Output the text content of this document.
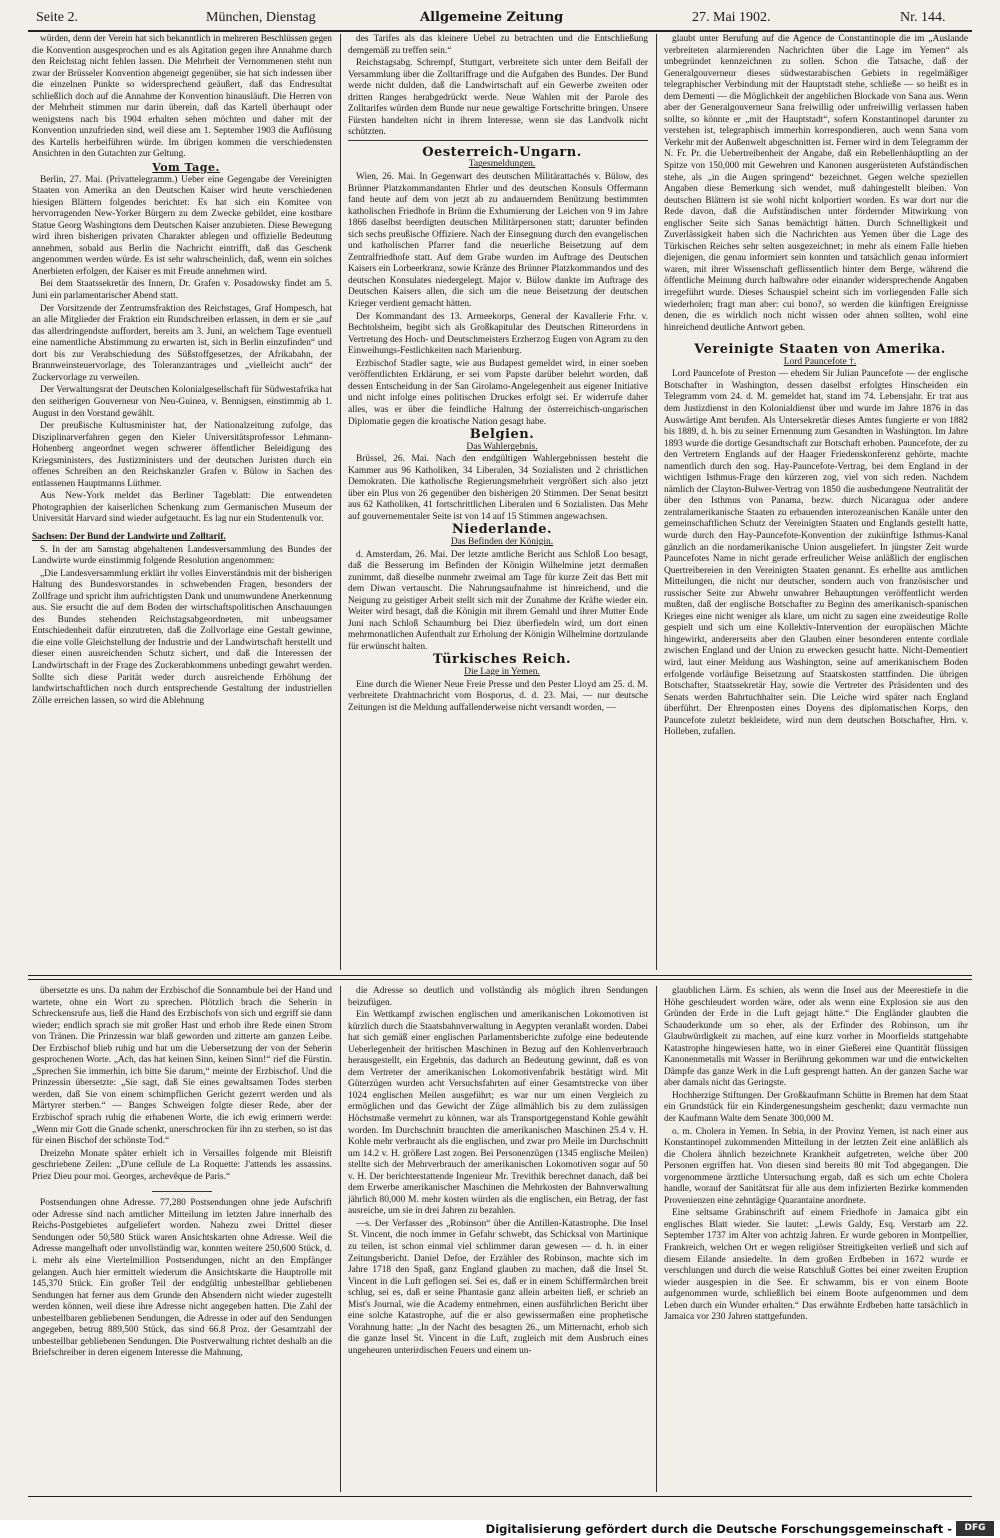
Seite 2.	München, Dienstag	Allgemeine Zeitung	27. Mai 1902.	Nr. 144.

würden, denn der Verein hat sich bekanntlich in mehreren Beschlüssen gegen die Konvention ausgesprochen und es als Agitation gegen ihre Annahme durch den Reichstag nicht fehlen lassen. Die Mehrheit der Vernommenen steht nun zwar der Brüsseler Konvention abgeneigt gegenüber, sie hat sich indessen über die einzelnen Punkte so widersprechend geäußert, daß das Endresultat schließlich doch auf die Annahme der Konvention hinausläuft. Die Herren von der Mehrheit stimmen nur darin überein, daß das Kartell überhaupt oder wenigstens nach bis 1904 erhalten sehen möchten und daher mit der Konvention unzufrieden sind, weil diese am 1. September 1903 die Auflösung des Kartells herbeiführen würde. Im übrigen kommen die verschiedensten Ansichten in den Gutachten zur Geltung.

Vom Tage.

Berlin, 27. Mai. (Privattelegramm.) Ueber eine Gegengabe der Vereinigten Staaten von Amerika an den Deutschen Kaiser wird heute verschiedenen hiesigen Blättern folgendes berichtet: Es hat sich ein Komitee von hervorragenden New-Yorker Bürgern zu dem Zwecke gebildet, eine kostbare Statue Georg Washingtons dem Deutschen Kaiser anzubieten. Diese Bewegung wird ihren bisherigen privaten Charakter ablegen und offizielle Bedeutung annehmen, sobald aus Berlin die Nachricht eintrifft, daß das Geschenk angenommen werden würde. Es ist sehr wahrscheinlich, daß, wenn ein solches Anerbieten erfolgen, der Kaiser es mit Freude annehmen wird.

Bei dem Staatssekretär des Innern, Dr. Grafen v. Posadowsky findet am 5. Juni ein parlamentarischer Abend statt.

Der Vorsitzende der Zentrumsfraktion des Reichstages, Graf Hompesch, hat an alle Mitglieder der Fraktion ein Rundschreiben erlassen, in dem er sie „auf das allerdringendste auffordert, bereits am 3. Juni, an welchem Tage eventuell eine namentliche Abstimmung zu erwarten ist, sich in Berlin einzufinden“ und dort bis zur Verabschiedung des Süßstoffgesetzes, der Afrikabahn, der Brannweinsteuervorlage, des Toleranzantrages und „vielleicht auch“ der Zuckervorlage zu verweilen.

Der Verwaltungsrat der Deutschen Kolonialgesellschaft für Südwestafrika hat den seitherigen Gouverneur von Neu-Guinea, v. Bennigsen, einstimmig ab 1. August in den Vorstand gewählt.

Der preußische Kultusminister hat, der Nationalzeitung zufolge, das Disziplinarverfahren gegen den Kieler Universitätsprofessor Lehmann-Hohenberg angeordnet wegen schwerer öffentlicher Beleidigung des Kriegsministers, des Justizministers und der deutschen Juristen durch ein offenes Schreiben an den Reichskanzler Grafen v. Bülow in Sachen des entlassenen Hauptmanns Lüthmer.

Aus New-York meldet das Berliner Tageblatt: Die entwendeten Photographien der kaiserlichen Schenkung zum Germanischen Museum der Universität Harvard sind wieder aufgetaucht. Es lag nur ein Studentenulk vor.

Sachsen: Der Bund der Landwirte und Zolltarif.

S. In der am Samstag abgehaltenen Landesversammlung des Bundes der Landwirte wurde einstimmig folgende Resolution angenommen:

„Die Landesversammlung erklärt ihr volles Einverständnis mit der bisherigen Haltung des Bundesvorstandes in schwebenden Fragen, besonders der Zollfrage und spricht ihm aufrichtigsten Dank und unumwundene Anerkennung aus. Sie ersucht die auf dem Boden der wirtschaftspolitischen Anschauungen des Bundes stehenden Reichstagsabgeordneten, mit unbeugsamer Entschiedenheit dafür einzutreten, daß die Zollvorlage eine Gestalt gewinne, die eine volle Gleichstellung der Industrie und der Landwirtschaft herstellt und dieser einen ausreichenden Schutz sichert, und daß die Interessen der Landwirtschaft in der Frage des Zuckerabkommens unbedingt gewahrt werden. Sollte sich diese Parität weder durch ausreichende Erhöhung der landwirtschaftlichen noch durch entsprechende Gestaltung der industriellen Zölle erreichen lassen, so wird die Ablehnung

des Tarifes als das kleinere Uebel zu betrachten und die Entschließung demgemäß zu treffen sein.“

Reichstagsabg. Schrempf, Stuttgart, verbreitete sich unter dem Beifall der Versammlung über die Zolltariffrage und die Aufgaben des Bundes. Der Bund werde nicht dulden, daß die Landwirtschaft auf ein Gewerbe zweiten oder dritten Ranges herabgedrückt werde. Neue Wahlen mit der Parole des Zolltarifes würden dem Bunde nur neue gewaltige Fortschritte bringen. Unsere Fürsten handelten nicht in ihrem Interesse, wenn sie das Landvolk nicht schützten.

Oesterreich-Ungarn.

Tagesmeldungen.

Wien, 26. Mai. In Gegenwart des deutschen Militärattachés v. Bülow, des Brünner Platzkommandanten Ehrler und des deutschen Konsuls Offermann fand heute auf dem von jetzt ab zu andauerndem Benützung bestimmten katholischen Friedhofe in Brünn die Exhumierung der Leichen von 9 im Jahre 1866 daselbst beerdigten deutschen Militärpersonen statt; darunter befinden sich sechs preußische Offiziere. Nach der Einsegnung durch den evangelischen und katholischen Pfarrer fand die neuerliche Beisetzung auf dem Zentralfriedhofe statt. Auf dem Grabe wurden im Auftrage des Deutschen Kaisers ein Lorbeerkranz, sowie Kränze des Brünner Platzkommandos und des deutschen Konsulates niedergelegt. Major v. Bülow dankte im Auftrage des Deutschen Kaisers allen, die sich um die neue Beisetzung der deutschen Krieger verdient gemacht hätten.

Der Kommandant des 13. Armeekorps, General der Kavallerie Frhr. v. Bechtolsheim, begibt sich als Großkapitular des Deutschen Ritterordens in Vertretung des Hoch- und Deutschmeisters Erzherzog Eugen von Agram zu den Einweihungs-Festlichkeiten nach Marienburg.

Erzbischof Stadler sagte, wie aus Budapest gemeldet wird, in einer soeben veröffentlichten Erklärung, er sei vom Papste darüber belehrt worden, daß dessen Entscheidung in der San Girolamo-Angelegenheit aus eigener Initiative und nicht infolge eines politischen Druckes erfolgt sei. Er widerrufe daher alles, was er über die feindliche Haltung der österreichisch-ungarischen Diplomatie gegen die kroatische Nation gesagt habe.

Belgien.

Das Wahlergebnis.

Brüssel, 26. Mai. Nach den endgültigen Wahlergebnissen besteht die Kammer aus 96 Katholiken, 34 Liberalen, 34 Sozialisten und 2 christlichen Demokraten. Die katholische Regierungsmehrheit vergrößert sich also jetzt über ein Plus von 26 gegenüber den bisherigen 20 Stimmen. Der Senat besitzt aus 62 Katholiken, 41 fortschrittlichen Liberalen und 6 Sozialisten. Das Mehr auf gouvernementaler Seite ist von 14 auf 15 Stimmen angewachsen.

Niederlande.

Das Befinden der Königin.

d. Amsterdam, 26. Mai. Der letzte amtliche Bericht aus Schloß Loo besagt, daß die Besserung im Befinden der Königin Wilhelmine jetzt dermaßen zunimmt, daß dieselbe nunmehr zweimal am Tage für kurze Zeit das Bett mit dem Diwan vertauscht. Die Nahrungsaufnahme ist hinreichend, und die Neigung zu geistiger Arbeit stellt sich mit der Zunahme der Kräfte wieder ein. Weiter wird besagt, daß die Königin mit ihrem Gemahl und ihrer Mutter Ende Juni nach Schloß Schaumburg bei Diez überfiedeln wird, um dort einen mehrmonatlichen Aufenthalt zur Erholung der Königin Wilhelmine dortzulande für erwünscht halten.

Türkisches Reich.

Die Lage in Yemen.

Eine durch die Wiener Neue Freie Presse und den Pester Lloyd am 25. d. M. verbreitete Drahtnachricht vom Bosporus, d. d. 23. Mai, — nur deutsche Zeitungen ist die Meldung auffallenderweise nicht versandt worden, —

glaubt unter Berufung auf die Agence de Constantinople die im „Auslande verbreiteten alarmierenden Nachrichten über die Lage im Yemen“ als unbegründet kennzeichnen zu sollen. Schon die Tatsache, daß der Generalgouverneur dieses südwestarabischen Gebiets in regelmäßiger telegraphischer Verbindung mit der Hauptstadt stehe, schließe — so heißt es in dem Dementi — die Möglichkeit der angeblichen Blockade von Sana aus. Wenn aber der Generalgouverneur Sana freiwillig oder unfreiwillig verlassen haben sollte, so könnte er „mit der Hauptstadt“, sofern Konstantinopel darunter zu verstehen ist, telegraphisch immerhin korrespondieren, auch wenn Sana vom Verkehr mit der Außenwelt abgeschnitten ist. Ferner wird in dem Telegramm der N. Fr. Pr. die Uebertreibenheit der Angabe, daß ein Rebellenhäuptling an der Spitze von 150,000 mit Gewehren und Kanonen ausgerüsteten Aufständischen stehe, als „in die Augen springend“ bezeichnet. Gegen welche speziellen Angaben diese Bemerkung sich wendet, muß dahingestellt bleiben. Von deutschen Blättern ist sie wohl nicht kolportiert worden. Es war dort nur die Rede davon, daß die Aufständischen unter fördernder Mitwirkung von englischer Seite sich Sanas bemächtigt hätten. Durch Schnelligkeit und Zuverlässigkeit haben sich die Nachrichten aus Yemen über die Lage des Türkischen Reiches sehr selten ausgezeichnet; in mehr als einem Falle hieben diejenigen, die genau informiert sein konnten und tatsächlich genau informiert waren, mit ihrer Wissenschaft geflissentlich hinter dem Berge, während die öffentliche Meinung durch halbwahre oder einander widersprechende Angaben irregeführt wurde. Dieses Schauspiel scheint sich im vorliegenden Falle sich wiederholen; fragt man aber: cui bono?, so werden die künftigen Ereignisse denen, die es wirklich noch nicht wissen oder ahnen sollten, wohl eine hinreichend deutliche Antwort geben.

Vereinigte Staaten von Amerika.

Lord Pauncefote †.

Lord Pauncefote of Preston — ehedem Sir Julian Pauncefote — der englische Botschafter in Washington, dessen daselbst erfolgtes Hinscheiden ein Telegramm vom 24. d. M. gemeldet hat, stand im 74. Lebensjahr. Er trat aus dem Justizdienst in den Kolonialdienst über und wurde im Jahre 1876 in das Auswärtige Amt berufen. Als Untersekretär dieses Amtes fungierte er von 1882 bis 1889, d. h. bis zu seiner Ernennung zum Gesandten in Washington. Im Jahre 1893 wurde die dortige Gesandtschaft zur Botschaft erhoben. Pauncefote, der zu den Vertretern Englands auf der Haager Friedenskonferenz gehörte, machte namentlich durch den sog. Hay-Pauncefote-Vertrag, bei dem England in der wichtigen Isthmus-Frage den kürzeren zog, viel von sich reden. Nachdem nämlich der Clayton-Bulwer-Vertrag von 1850 die ausbedungene Neutralität der über den Isthmus von Panama, bezw. durch Nicaragua oder andere zentralamerikanische Staaten zu erbauenden interozeanischen Kanäle unter den gemeinschaftlichen Schutz der Vereinigten Staaten und Englands gestellt hatte, wurde durch den Hay-Pauncefote-Konvention der zukünftige Isthmus-Kanal gänzlich an die nordamerikanische Union ausgeliefert. In jüngster Zeit wurde Pauncefotes Name in nicht gerade erfreulicher Weise anläßlich der englischen Quertreibereien in den Vereinigten Staaten genannt. Es erhellte aus amtlichen Mitteilungen, die nicht nur deutscher, sondern auch von französischer und russischer Seite zur Abwehr unwahrer Behauptungen veröffentlicht werden mußten, daß der englische Botschafter zu Beginn des amerikanisch-spanischen Krieges eine nicht weniger als klare, um nicht zu sagen eine zweideutige Rolle gespielt und sich um eine Kollektiv-Intervention der europäischen Mächte hingewirkt, andererseits aber den Glauben einer besonderen entente cordiale zwischen England und der Union zu erwecken gesucht hatte. Nicht-Dementiert wird, laut einer Meldung aus Washington, seine auf amerikanischem Boden erfolgende vorläufige Beisetzung auf Staatskosten stattfinden. Die übrigen Botschafter, Staatssekretär Hay, sowie die Vertreter des Präsidenten und des Senats werden Bahrtuchhalter sein. Die Leiche wird später nach England überführt. Der Ehrenposten eines Doyens des diplomatischen Korps, den Pauncefote zuletzt bekleidete, wird nun dem deutschen Botschafter, Hrn. v. Holleben, zufallen.

übersetzte es uns. Da nahm der Erzbischof die Sonnambule bei der Hand und wartete, ohne ein Wort zu sprechen. Plötzlich brach die Seherin in Schreckensrufe aus, ließ die Hand des Erzbischofs von sich und ergriff sie dann wieder; endlich sprach sie mit großer Hast und erhob ihre Rede einen Strom von Tränen. Die Prinzessin war blaß geworden und zitterte am ganzen Leibe. Der Erzbischof blieb ruhig und bat um die Uebersetzung der von der Seherin gesprochenen Worte. „Ach, das hat keinen Sinn, keinen Sinn!“ rief die Fürstin. „Sprechen Sie immerhin, ich bitte Sie darum,“ meinte der Erzbischof. Und die Prinzessin übersetzte: „Sie sagt, daß Sie eines gewaltsamen Todes sterben werden, daß Sie von einem schimpflichen Gericht gezerrt werden und als Märtyrer sterben.“ — Banges Schweigen folgte dieser Rede, aber der Erzbischof sprach ruhig die erhabenen Worte, die ich ewig erinnern werde: „Wenn mir Gott die Gnade schenkt, unerschrocken für ihn zu sterben, so ist das für einen Bischof der schönste Tod.“

Dreizehn Monate später erhielt ich in Versailles folgende mit Bleistift geschriebene Zeilen: „D'une cellule de La Roquette: J'attends les assassins. Priez Dieu pour moi. Georges, archevêque de Paris.“

Postsendungen ohne Adresse. 77,280 Postsendungen ohne jede Aufschrift oder Adresse sind nach amtlicher Mitteilung im letzten Jahre innerhalb des Reichs-Postgebietes aufgeliefert worden. Nahezu zwei Drittel dieser Sendungen oder 50,580 Stück waren Ansichtskarten ohne Adresse. Weil die Adresse mangelhaft oder unvollständig war, konnten weitere 250,600 Stück, d. i. mehr als eine Viertelmillion Postsendungen, nicht an den Empfänger gelangen. Auch hier ermittelt wiederum die Ansichtskarte die Hauptrolle mit 145,370 Stück. Ein großer Teil der endgültig unbestellbar gebliebenen Sendungen hat ferner aus dem Grunde den Absendern nicht wieder zugestellt werden können, weil diese ihre Adresse nicht angegeben hatten. Die Zahl der unbestellbaren gebliebenen Sendungen, die Adresse in oder auf den Sendungen angegeben, betrug 889,500 Stück, das sind 66.8 Proz. der Gesamtzahl der unbestellbar gebliebenen Sendungen. Die Postverwaltung richtet deshalb an die Briefschreiber in deren eigenem Interesse die Mahnung,

die Adresse so deutlich und vollständig als möglich ihren Sendungen beizufügen.

Ein Wettkampf zwischen englischen und amerikanischen Lokomotiven ist kürzlich durch die Staatsbahnverwaltung in Aegypten veranlaßt worden. Dabei hat sich gemäß einer englischen Parlamentsberichte zufolge eine bedeutende Ueberlegenheit der britischen Maschinen in Bezug auf den Kohlenverbrauch herausgestellt, ein Ergebnis, das dadurch an Bedeutung gewinnt, daß es von dem Vertreter der amerikanischen Lokomotivenfabrik bestätigt wird. Mit Güterzügen wurden acht Versuchsfahrten auf einer Gesamtstrecke von über 1024 englischen Meilen ausgeführt; es war nur um einen Vergleich zu ermöglichen und das Gewicht der Züge allmählich bis zu dem zulässigen Höchstmaße vermehrt zu können, war als Transportgegenstand Kohle gewählt worden. Im Durchschnitt brauchten die amerikanischen Maschinen 25.4 v. H. Kohle mehr verbraucht als die englischen, und zwar pro Meile im Durchschnitt um 14.2 v. H. größere Last zogen. Bei Personenzügen (1345 englische Meilen) stellte sich der Mehrverbrauch der amerikanischen Lokomotiven sogar auf 50 v. H. Der berichterstattende Ingenieur Mr. Trevithik berechnet danach, daß bei dem Erwerbe amerikanischer Maschinen die Mehrkosten der Bahnverwaltung jährlich 80,000 M. mehr kosten würden als die englischen, ein Betrag, der fast ausreiche, um sie in drei Jahren zu bezahlen.

—s. Der Verfasser des „Robinson“ über die Antillen-Katastrophe. Die Insel St. Vincent, die noch immer in Gefahr schwebt, das Schicksal von Martinique zu teilen, ist schon einmal viel schlimmer daran gewesen — d. h. in einer Zeitungsbericht. Daniel Defoe, der Erzähler des Robinson, machte sich im Jahre 1718 den Spaß, ganz England glauben zu machen, daß die Insel St. Vincent in die Luft geflogen sei. Sei es, daß er in einem Schiffermärchen breit schlug, sei es, daß er seine Phantasie ganz allein arbeiten ließ, er schrieb an Mist's Journal, wie die Academy entnehmen, einen ausführlichen Bericht über eine solche Katastrophe, auf die er also gewissermaßen eine prophetische Vorahnung hatte: „In der Nacht des besagten 26., um Mitternacht, erhob sich die ganze Insel St. Vincent in die Luft, zugleich mit dem Ausbruch eines ungeheuren unterirdischen Feuers und einem un-

glaublichen Lärm. Es schien, als wenn die Insel aus der Meerestiefe in die Höhe geschleudert worden wäre, oder als wenn eine Explosion sie aus den Gründen der Erde in die Luft gejagt hätte.“ Die Engländer glaubten die Schauderkunde um so eher, als der Erfinder des Robinson, um ihr Glaubwürdigkeit zu machen, auf eine kurz vorher in Moorfields stattgehabte Katastrophe hingewiesen hatte, wo in einer Gießerei eine Quantität flüssigen Kanonenmetalls mit Wasser in Berührung gekommen war und die entwickelten Dämpfe das ganze Werk in die Luft gesprengt hatten. An der ganzen Sache war aber damals nicht das Geringste.

Hochherzige Stiftungen. Der Großkaufmann Schütte in Bremen hat dem Staat ein Grundstück für ein Kindergenesungsheim geschenkt; dazu vermachte nun der Kaufmann Walte dem Senate 300,000 M.

o. m. Cholera in Yemen. In Sebia, in der Provinz Yemen, ist nach einer aus Konstantinopel zukommenden Mitteilung in der letzten Zeit eine anläßlich als die Cholera ähnlich bezeichnete Krankheit aufgetreten, welche über 200 Personen ergriffen hat. Von diesen sind bereits 80 mit Tod abgegangen. Die vorgenommene ärztliche Untersuchung ergab, daß es sich um echte Cholera handle, worauf der Sanitätsrat für alle aus dem infizierten Bezirke kommenden Provenienzen eine zehntägige Quarantaine anordnete.

Eine seltsame Grabinschrift auf einem Friedhofe in Jamaica gibt ein englisches Blatt wieder. Sie lautet: „Lewis Galdy, Esq. Verstarb am 22. September 1737 im Alter von achtzig Jahren. Er wurde geboren in Montpellier, Frankreich, welchen Ort er wegen religiöser Streitigkeiten verließ und sich auf diesem Eilande ansiedelte. In dem großen Erdbeben in 1672 wurde er verschlungen und durch die weise Ratschluß Gottes bei einer zweiten Eruption wieder ausgespien in die See. Er schwamm, bis er von einem Boote aufgenommen wurde, schließlich bei einem Boote aufgenommen und dem Leben durch ein Wunder erhalten.“ Das erwähnte Erdbeben hatte tatsächlich in Jamaica vor 230 Jahren stattgefunden.

Digitalisierung gefördert durch die Deutsche Forschungsgemeinschaft -	DFG
